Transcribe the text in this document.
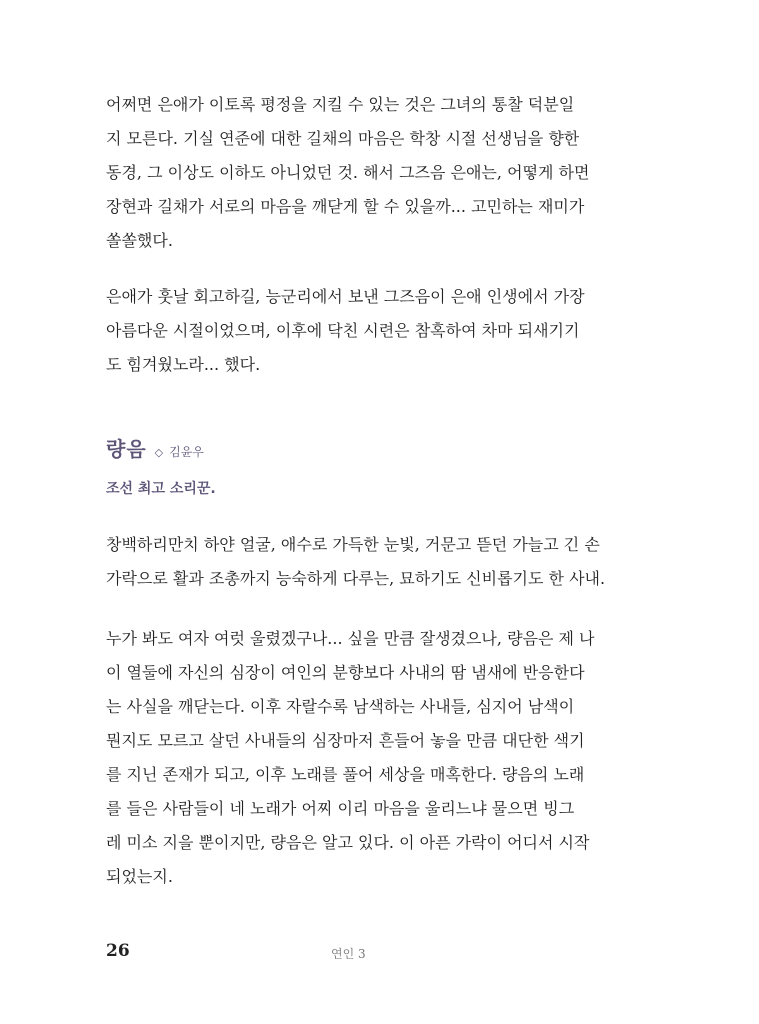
어쩌면 은애가 이토록 평정을 지킬 수 있는 것은 그녀의 통찰 덕분일
지 모른다. 기실 연준에 대한 길채의 마음은 학창 시절 선생님을 향한
동경, 그 이상도 이하도 아니었던 것. 해서 그즈음 은애는, 어떻게 하면
장현과 길채가 서로의 마음을 깨닫게 할 수 있을까... 고민하는 재미가
쏠쏠했다.

은애가 훗날 회고하길, 능군리에서 보낸 그즈음이 은애 인생에서 가장
아름다운 시절이었으며, 이후에 닥친 시련은 참혹하여 차마 되새기기
도 힘겨웠노라... 했다.

량음 ◇ 김윤우
조선 최고 소리꾼.

창백하리만치 하얀 얼굴, 애수로 가득한 눈빛, 거문고 뜯던 가늘고 긴 손
가락으로 활과 조총까지 능숙하게 다루는, 묘하기도 신비롭기도 한 사내.

누가 봐도 여자 여럿 울렸겠구나... 싶을 만큼 잘생겼으나, 량음은 제 나
이 열둘에 자신의 심장이 여인의 분향보다 사내의 땀 냄새에 반응한다
는 사실을 깨닫는다. 이후 자랄수록 남색하는 사내들, 심지어 남색이
뭔지도 모르고 살던 사내들의 심장마저 흔들어 놓을 만큼 대단한 색기
를 지닌 존재가 되고, 이후 노래를 풀어 세상을 매혹한다. 량음의 노래
를 들은 사람들이 네 노래가 어찌 이리 마음을 울리느냐 물으면 빙그
레 미소 지을 뿐이지만, 량음은 알고 있다. 이 아픈 가락이 어디서 시작
되었는지.

26	연인 3
